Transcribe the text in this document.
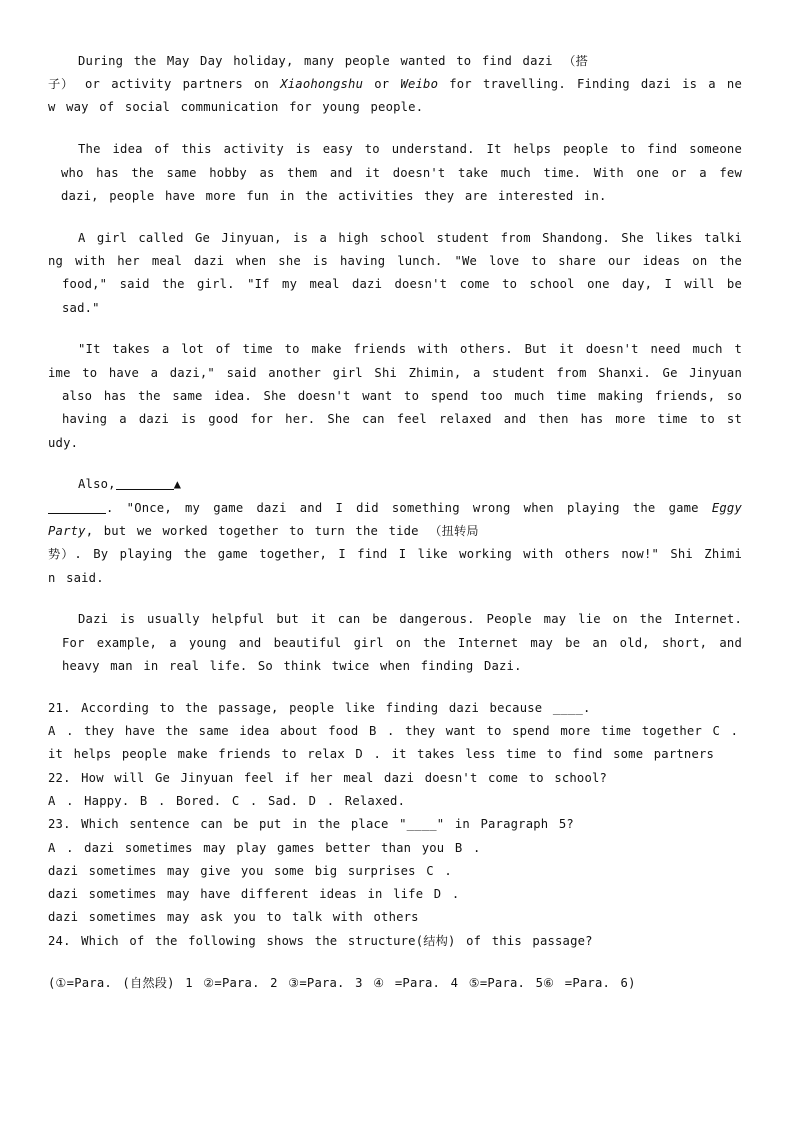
During the May Day holiday, many people wanted to find dazi （搭
子） or activity partners on Xiaohongshu or Weibo for travelling. Finding dazi is a ne
w way of social communication for young people.
The idea of this activity is easy to understand. It helps people to find someone
who has the same hobby as them and it doesn't take much time. With one or a few
dazi, people have more fun in the activities they are interested in.
A girl called Ge Jinyuan, is a high school student from Shandong. She likes talki
ng with her meal dazi when she is having lunch. "We love to share our ideas on the
food," said the girl. "If my meal dazi doesn't come to school one day, I will be
sad."
"It takes a lot of time to make friends with others. But it doesn't need much t
ime to have a dazi," said another girl Shi Zhimin, a student from Shanxi. Ge Jinyuan
also has the same idea. She doesn't want to spend too much time making friends, so
having a dazi is good for her. She can feel relaxed and then has more time to st
udy.
Also,	▲
. "Once, my game dazi and I did something wrong when playing the game Eggy
Party, but we worked together to turn the tide （扭转局
势）. By playing the game together, I find I like working with others now!" Shi Zhimi
n said.
Dazi is usually helpful but it can be dangerous. People may lie on the Internet.
For example, a young and beautiful girl on the Internet may be an old, short, and
heavy man in real life. So think twice when finding Dazi.
21. According to the passage, people like finding dazi because ____.
A . they have the same idea about food B . they want to spend more time together C .
it helps people make friends to relax D . it takes less time to find some partners
22. How will Ge Jinyuan feel if her meal dazi doesn't come to school?
A . Happy. B . Bored. C . Sad. D . Relaxed.
23. Which sentence can be put in the place "____" in Paragraph 5?
A . dazi sometimes may play games better than you B .
dazi sometimes may give you some big surprises C .
dazi sometimes may have different ideas in life D .
dazi sometimes may ask you to talk with others
24. Which of the following shows the structure(结构) of this passage?
(①=Para. (自然段) 1 ②=Para. 2 ③=Para. 3 ④ =Para. 4 ⑤=Para. 5⑥ =Para. 6)
